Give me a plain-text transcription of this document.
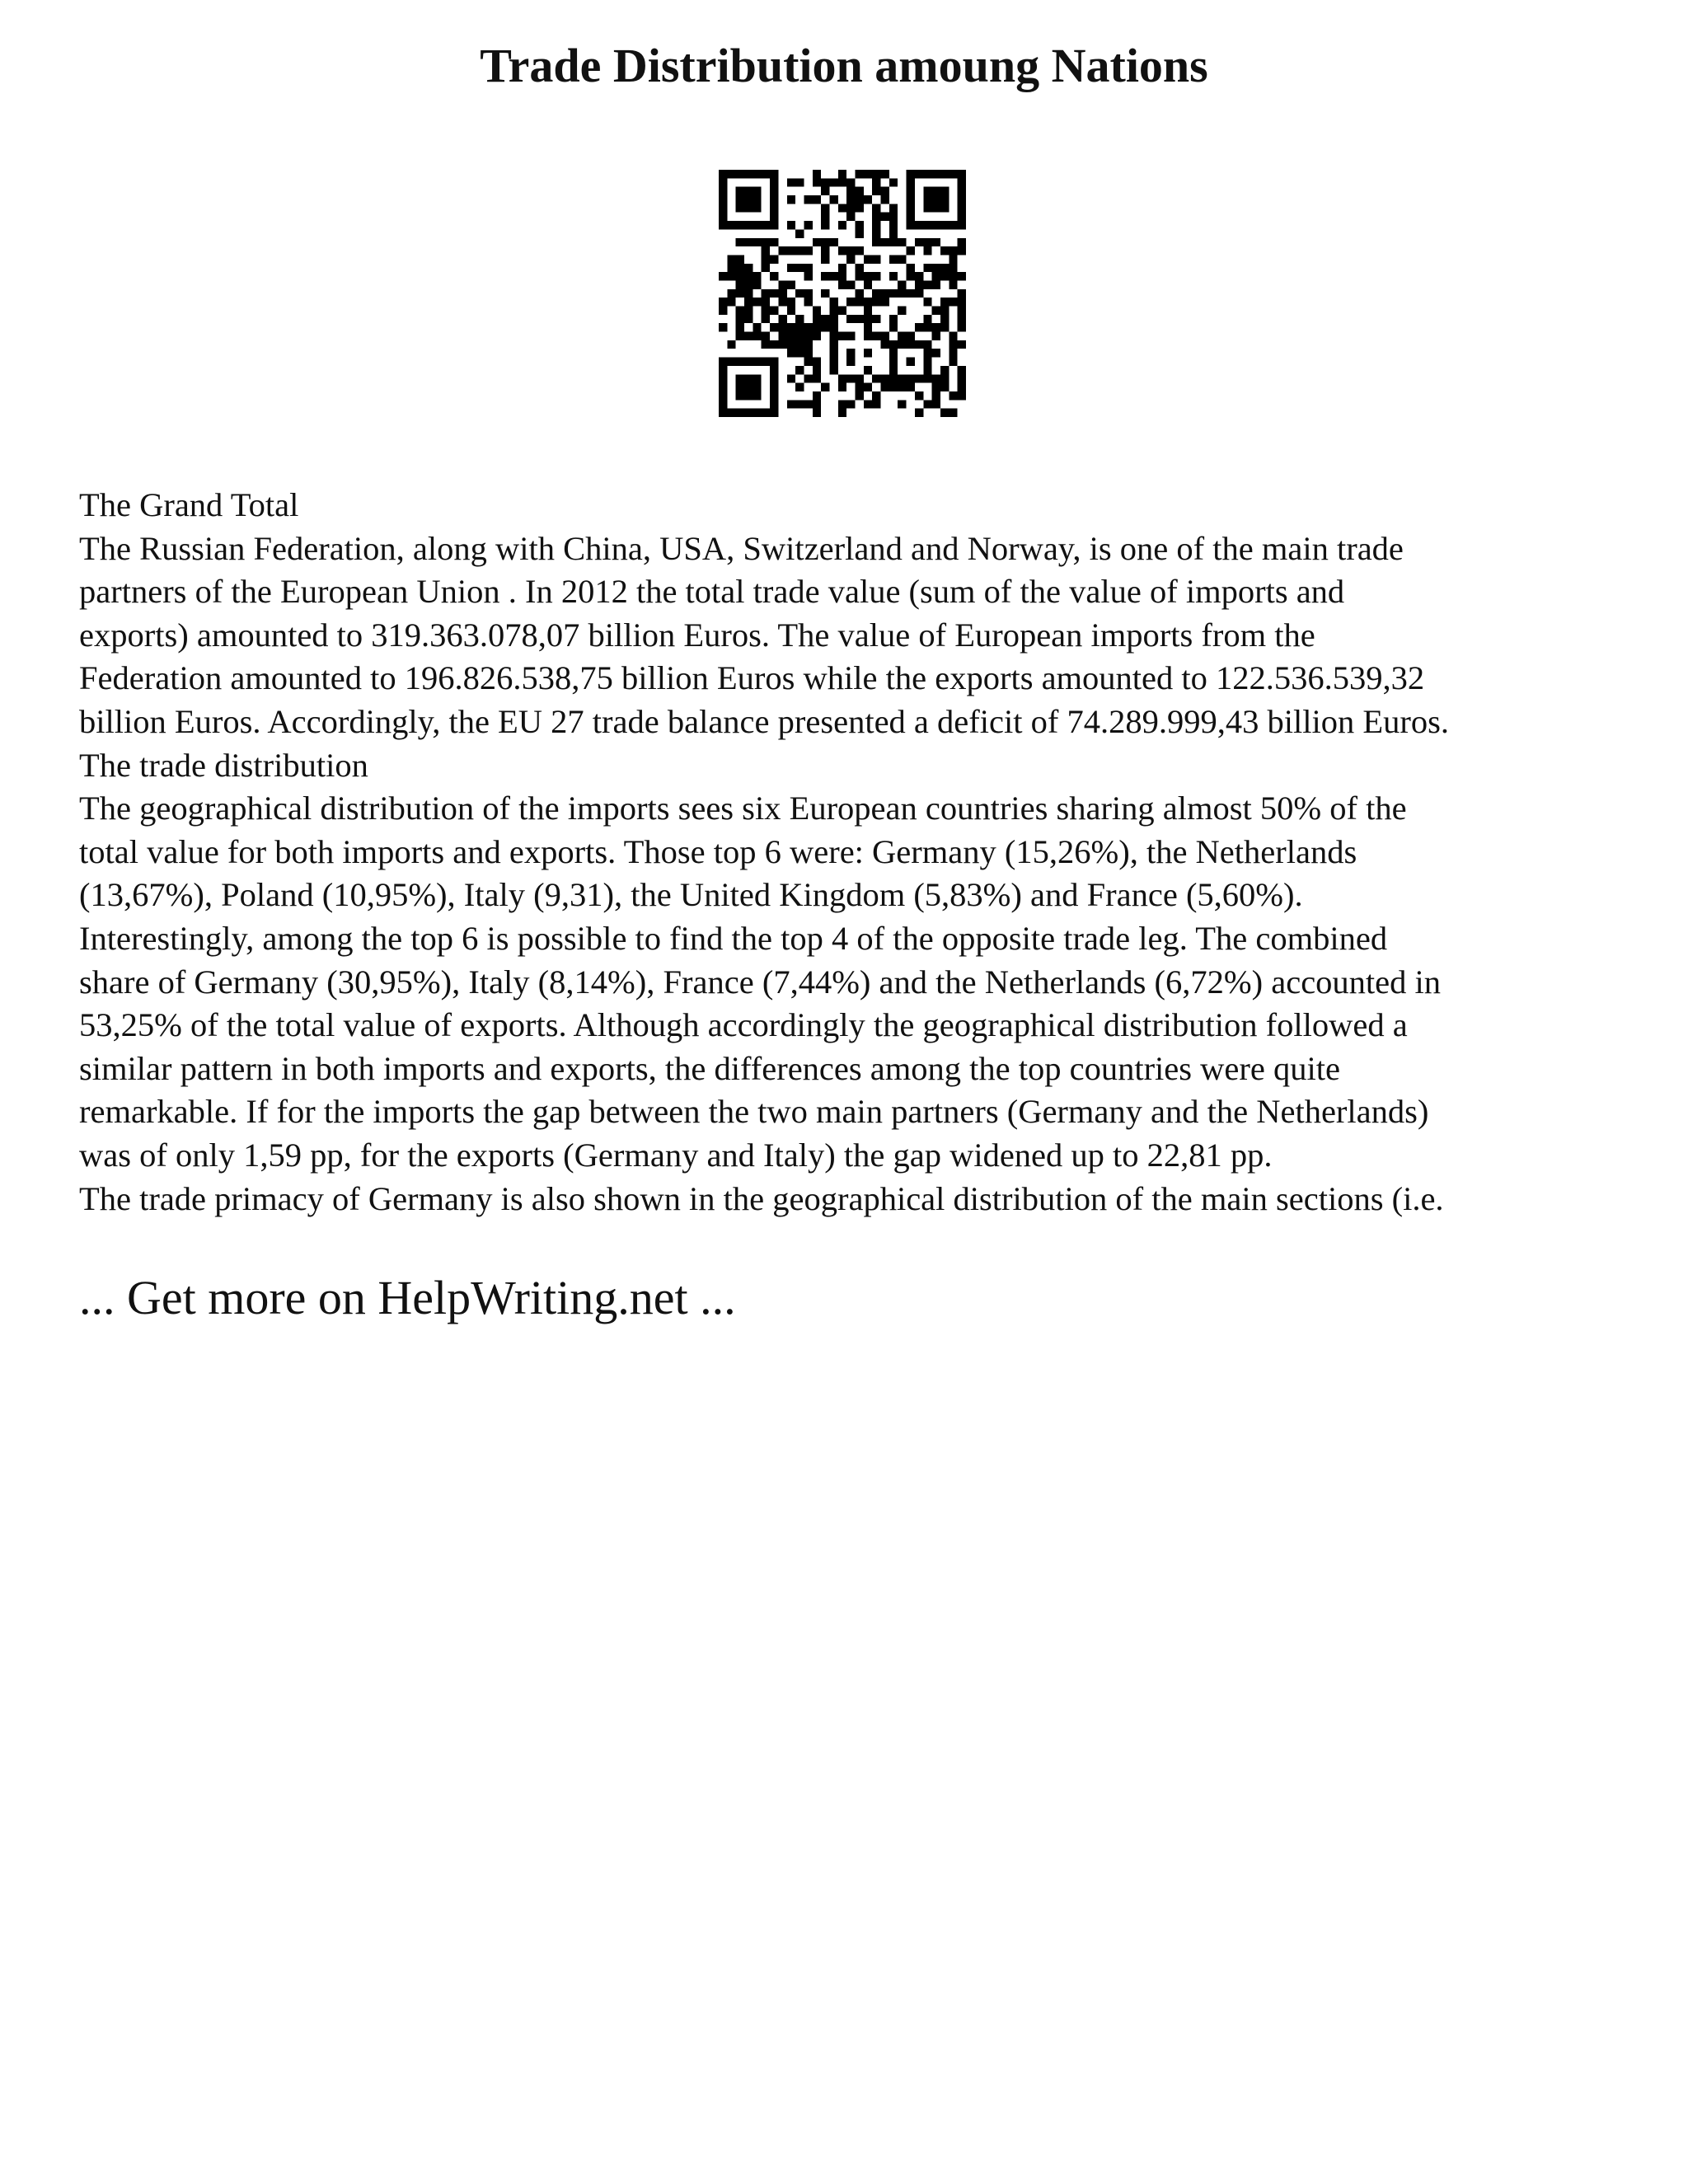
Trade Distribution amoung Nations
The Grand Total
The Russian Federation, along with China, USA, Switzerland and Norway, is one of the main trade
partners of the European Union . In 2012 the total trade value (sum of the value of imports and
exports) amounted to 319.363.078,07 billion Euros. The value of European imports from the
Federation amounted to 196.826.538,75 billion Euros while the exports amounted to 122.536.539,32
billion Euros. Accordingly, the EU 27 trade balance presented a deficit of 74.289.999,43 billion Euros.
The trade distribution
The geographical distribution of the imports sees six European countries sharing almost 50% of the
total value for both imports and exports. Those top 6 were: Germany (15,26%), the Netherlands
(13,67%), Poland (10,95%), Italy (9,31), the United Kingdom (5,83%) and France (5,60%).
Interestingly, among the top 6 is possible to find the top 4 of the opposite trade leg. The combined
share of Germany (30,95%), Italy (8,14%), France (7,44%) and the Netherlands (6,72%) accounted in
53,25% of the total value of exports. Although accordingly the geographical distribution followed a
similar pattern in both imports and exports, the differences among the top countries were quite
remarkable. If for the imports the gap between the two main partners (Germany and the Netherlands)
was of only 1,59 pp, for the exports (Germany and Italy) the gap widened up to 22,81 pp.
The trade primacy of Germany is also shown in the geographical distribution of the main sections (i.e.
... Get more on HelpWriting.net ...
